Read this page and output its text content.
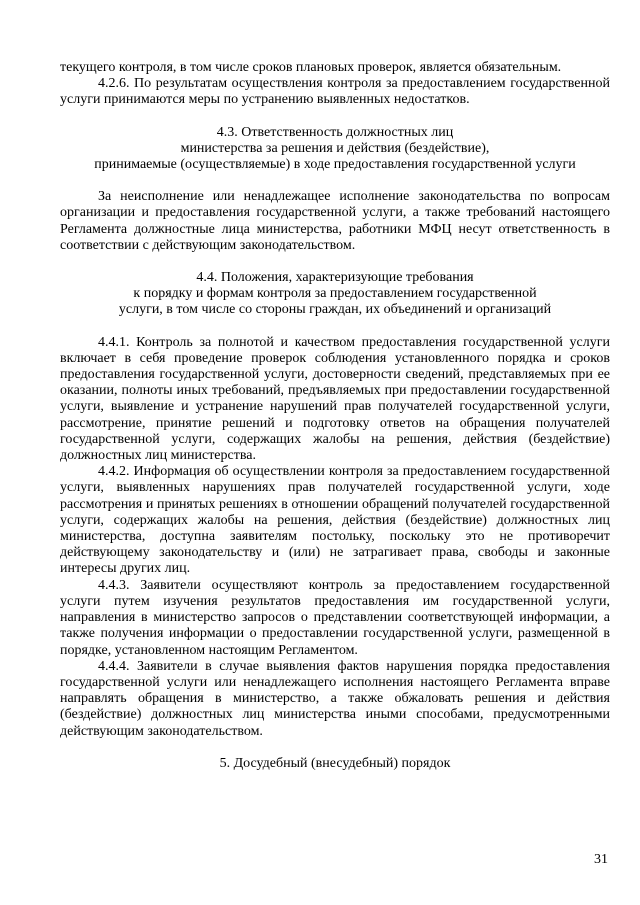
текущего контроля, в том числе сроков плановых проверок, является обязательным.

4.2.6. По результатам осуществления контроля за предоставлением государственной услуги принимаются меры по устранению выявленных недостатков.

4.3. Ответственность должностных лиц
министерства за решения и действия (бездействие),
принимаемые (осуществляемые) в ходе предоставления государственной услуги

За неисполнение или ненадлежащее исполнение законодательства по вопросам организации и предоставления государственной услуги, а также требований настоящего Регламента должностные лица министерства, работники МФЦ несут ответственность в соответствии с действующим законодательством.

4.4. Положения, характеризующие требования
к порядку и формам контроля за предоставлением государственной
услуги, в том числе со стороны граждан, их объединений и организаций

4.4.1. Контроль за полнотой и качеством предоставления государственной услуги включает в себя проведение проверок соблюдения установленного порядка и сроков предоставления государственной услуги, достоверности сведений, представляемых при ее оказании, полноты иных требований, предъявляемых при предоставлении государственной услуги, выявление и устранение нарушений прав получателей государственной услуги, рассмотрение, принятие решений и подготовку ответов на обращения получателей государственной услуги, содержащих жалобы на решения, действия (бездействие) должностных лиц министерства.

4.4.2. Информация об осуществлении контроля за предоставлением государственной услуги, выявленных нарушениях прав получателей государственной услуги, ходе рассмотрения и принятых решениях в отношении обращений получателей государственной услуги, содержащих жалобы на решения, действия (бездействие) должностных лиц министерства, доступна заявителям постольку, поскольку это не противоречит действующему законодательству и (или) не затрагивает права, свободы и законные интересы других лиц.

4.4.3. Заявители осуществляют контроль за предоставлением государственной услуги путем изучения результатов предоставления им государственной услуги, направления в министерство запросов о представлении соответствующей информации, а также получения информации о предоставлении государственной услуги, размещенной в порядке, установленном настоящим Регламентом.

4.4.4. Заявители в случае выявления фактов нарушения порядка предоставления государственной услуги или ненадлежащего исполнения настоящего Регламента вправе направлять обращения в министерство, а также обжаловать решения и действия (бездействие) должностных лиц министерства иными способами, предусмотренными действующим законодательством.

5. Досудебный (внесудебный) порядок
31
